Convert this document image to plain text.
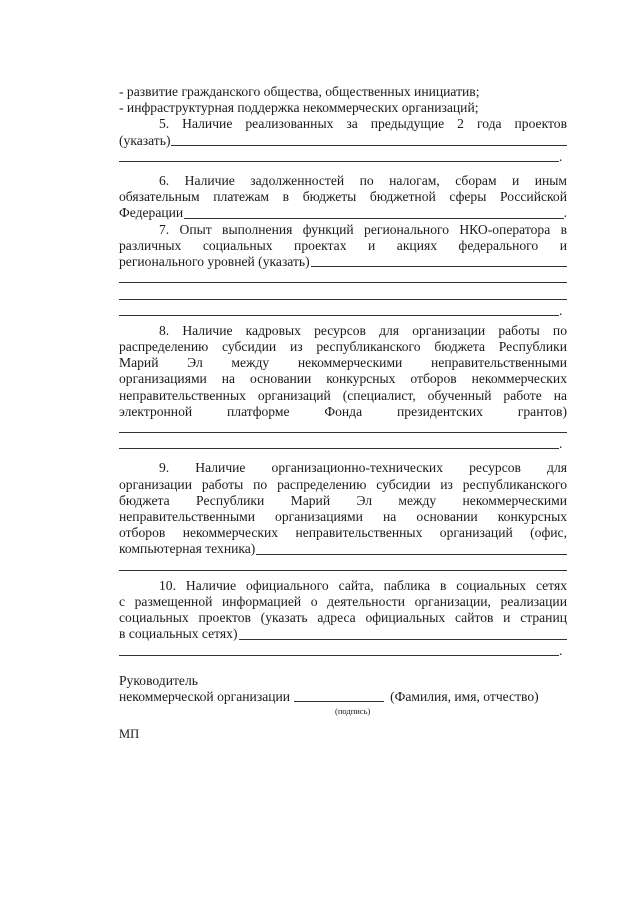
- развитие гражданского общества, общественных инициатив;
- инфраструктурная поддержка некоммерческих организаций;
5. Наличие реализованных за предыдущие 2 года проектов
(указать)
.
6. Наличие задолженностей по налогам, сборам и иным
обязательным платежам в бюджеты бюджетной сферы Российской
Федерации	.
7. Опыт выполнения функций регионального НКО-оператора в
различных социальных проектах и акциях федерального и
регионального уровней (указать)
.
8. Наличие кадровых ресурсов для организации работы по
распределению субсидии из республиканского бюджета Республики
Марий Эл между некоммерческими неправительственными
организациями на основании конкурсных отборов некоммерческих
неправительственных организаций (специалист, обученный работе на
электронной платформе Фонда президентских грантов)
.
9. Наличие организационно-технических ресурсов для
организации работы по распределению субсидии из республиканского
бюджета Республики Марий Эл между некоммерческими
неправительственными организациями на основании конкурсных
отборов некоммерческих неправительственных организаций (офис,
компьютерная техника)
10. Наличие официального сайта, паблика в социальных сетях
с размещенной информацией о деятельности организации, реализации
социальных проектов (указать адреса официальных сайтов и страниц
в социальных сетях)
.
Руководитель
некоммерческой организации	(Фамилия, имя, отчество)
(подпись)
МП
